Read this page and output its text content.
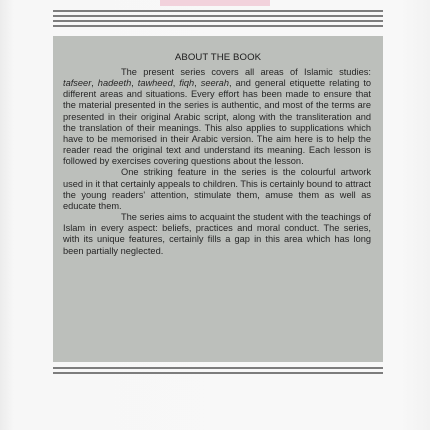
ABOUT THE BOOK

The present series covers all areas of Islamic studies: tafseer, hadeeth, tawheed, fiqh, seerah, and general etiquette relating to different areas and situations. Every effort has been made to ensure that the material presented in the series is authentic, and most of the terms are presented in their original Arabic script, along with the transliteration and the translation of their meanings. This also applies to supplications which have to be memorised in their Arabic version. The aim here is to help the reader read the original text and understand its meaning. Each lesson is followed by exercises covering questions about the lesson.

One striking feature in the series is the colourful artwork used in it that certainly appeals to children. This is certainly bound to attract the young readers' attention, stimulate them, amuse them as well as educate them.

The series aims to acquaint the student with the teachings of Islam in every aspect: beliefs, practices and moral conduct. The series, with its unique features, certainly fills a gap in this area which has long been partially neglected.
